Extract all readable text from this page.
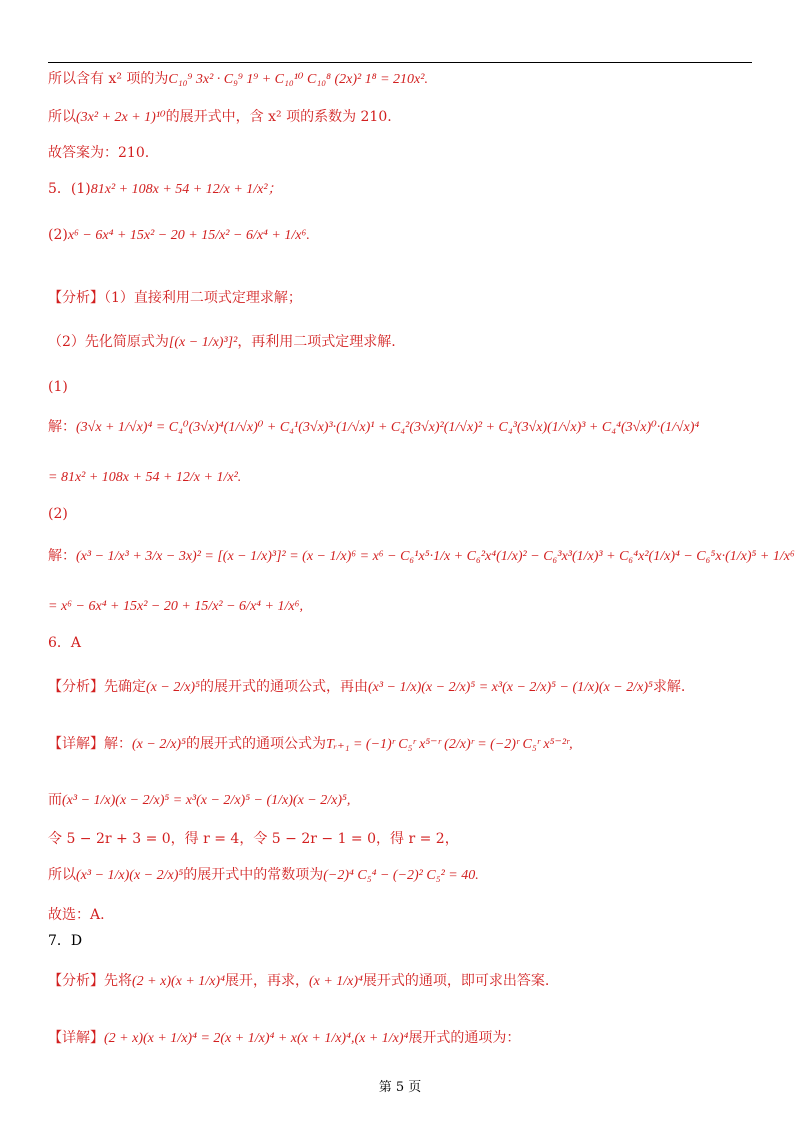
所以含有 x² 项的为C₁₀⁹ 3x² · C₉⁹ 1⁹ + C₁₀¹⁰ C₁₀⁸ (2x)² 1⁸ = 210x².
所以(3x² + 2x + 1)¹⁰的展开式中，含 x² 项的系数为 210.
故答案为：210.
5．(1)81x² + 108x + 54 + 12/x + 1/x²；
(2)x⁶ − 6x⁴ + 15x² − 20 + 15/x² − 6/x⁴ + 1/x⁶.
【分析】（1）直接利用二项式定理求解；
（2）先化简原式为[(x − 1/x)³]²，再利用二项式定理求解.
(1)
解：(3√x + 1/√x)⁴ = C₄⁰(3√x)⁴(1/√x)⁰ + C₄¹(3√x)³·(1/√x)¹ + C₄²(3√x)²(1/√x)² + C₄³(3√x)(1/√x)³ + C₄⁴(3√x)⁰·(1/√x)⁴
= 81x² + 108x + 54 + 12/x + 1/x².
(2)
解：(x³ − 1/x³ + 3/x − 3x)² = [(x − 1/x)³]² = (x − 1/x)⁶ = x⁶ − C₆¹x⁵·1/x + C₆²x⁴(1/x)² − C₆³x³(1/x)³ + C₆⁴x²(1/x)⁴ − C₆⁵x·(1/x)⁵ + 1/x⁶
= x⁶ − 6x⁴ + 15x² − 20 + 15/x² − 6/x⁴ + 1/x⁶,
6．A
【分析】先确定(x − 2/x)⁵的展开式的通项公式，再由(x³ − 1/x)(x − 2/x)⁵ = x³(x − 2/x)⁵ − (1/x)(x − 2/x)⁵求解.
【详解】解：(x − 2/x)⁵的展开式的通项公式为Tᵣ₊₁ = (−1)ʳ C₅ʳ x⁵⁻ʳ (2/x)ʳ = (−2)ʳ C₅ʳ x⁵⁻²ʳ,
而(x³ − 1/x)(x − 2/x)⁵ = x³(x − 2/x)⁵ − (1/x)(x − 2/x)⁵,
令 5 − 2r + 3 = 0，得 r = 4，令 5 − 2r − 1 = 0，得 r = 2，
所以(x³ − 1/x)(x − 2/x)⁵的展开式中的常数项为(−2)⁴ C₅⁴ − (−2)² C₅² = 40.
故选：A.
7．D
【分析】先将(2 + x)(x + 1/x)⁴展开，再求，(x + 1/x)⁴展开式的通项，即可求出答案.
【详解】(2 + x)(x + 1/x)⁴ = 2(x + 1/x)⁴ + x(x + 1/x)⁴,(x + 1/x)⁴展开式的通项为：
第 5 页
